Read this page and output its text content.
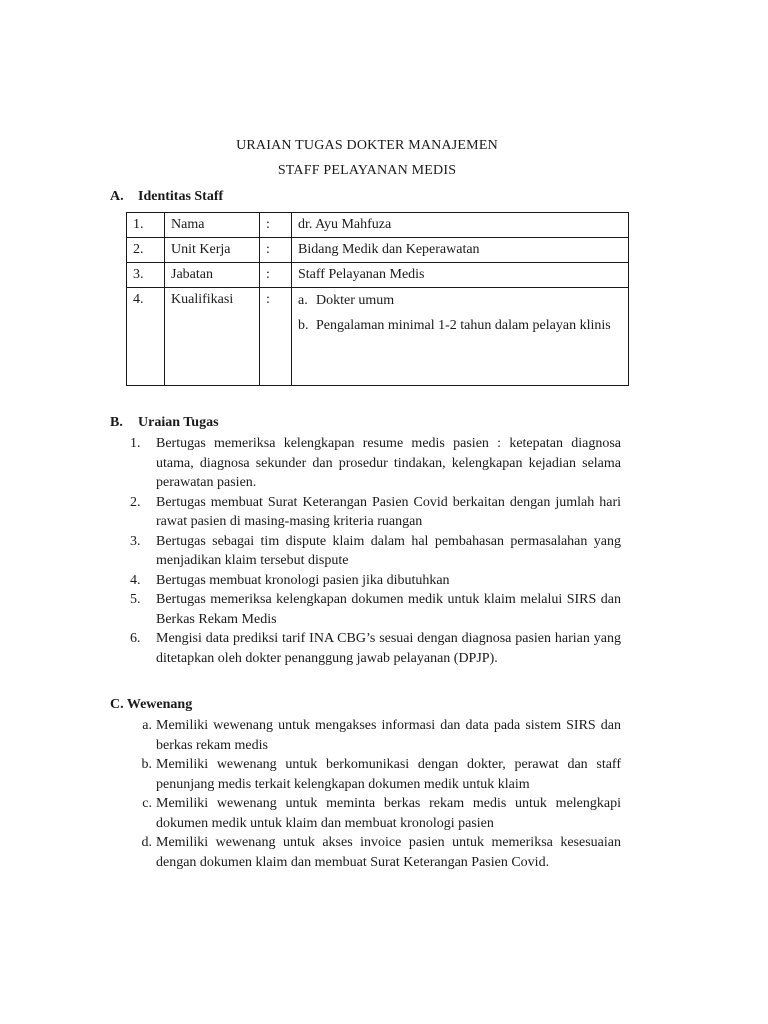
URAIAN TUGAS DOKTER MANAJEMEN
STAFF PELAYANAN MEDIS
A. Identitas Staff
1.	Nama	:	dr. Ayu Mahfuza
2.	Unit Kerja	:	Bidang Medik dan Keperawatan
3.	Jabatan	:	Staff Pelayanan Medis
4.	Kualifikasi	:	a. Dokter umum
b. Pengalaman minimal 1-2 tahun dalam pelayan klinis
B. Uraian Tugas
1.	Bertugas memeriksa kelengkapan resume medis pasien : ketepatan diagnosa utama, diagnosa sekunder dan prosedur tindakan, kelengkapan kejadian selama perawatan pasien.
2.	Bertugas membuat Surat Keterangan Pasien Covid berkaitan dengan jumlah hari rawat pasien di masing-masing kriteria ruangan
3.	Bertugas sebagai tim dispute klaim dalam hal pembahasan permasalahan yang menjadikan klaim tersebut dispute
4.	Bertugas membuat kronologi pasien jika dibutuhkan
5.	Bertugas memeriksa kelengkapan dokumen medik untuk klaim melalui SIRS dan Berkas Rekam Medis
6.	Mengisi data prediksi tarif INA CBG’s sesuai dengan diagnosa pasien harian yang ditetapkan oleh dokter penanggung jawab pelayanan (DPJP).
C. Wewenang
a. Memiliki wewenang untuk mengakses informasi dan data pada sistem SIRS dan berkas rekam medis
b. Memiliki wewenang untuk berkomunikasi dengan dokter, perawat dan staff penunjang medis terkait kelengkapan dokumen medik untuk klaim
c. Memiliki wewenang untuk meminta berkas rekam medis untuk melengkapi dokumen medik untuk klaim dan membuat kronologi pasien
d. Memiliki wewenang untuk akses invoice pasien untuk memeriksa kesesuaian dengan dokumen klaim dan membuat Surat Keterangan Pasien Covid.
